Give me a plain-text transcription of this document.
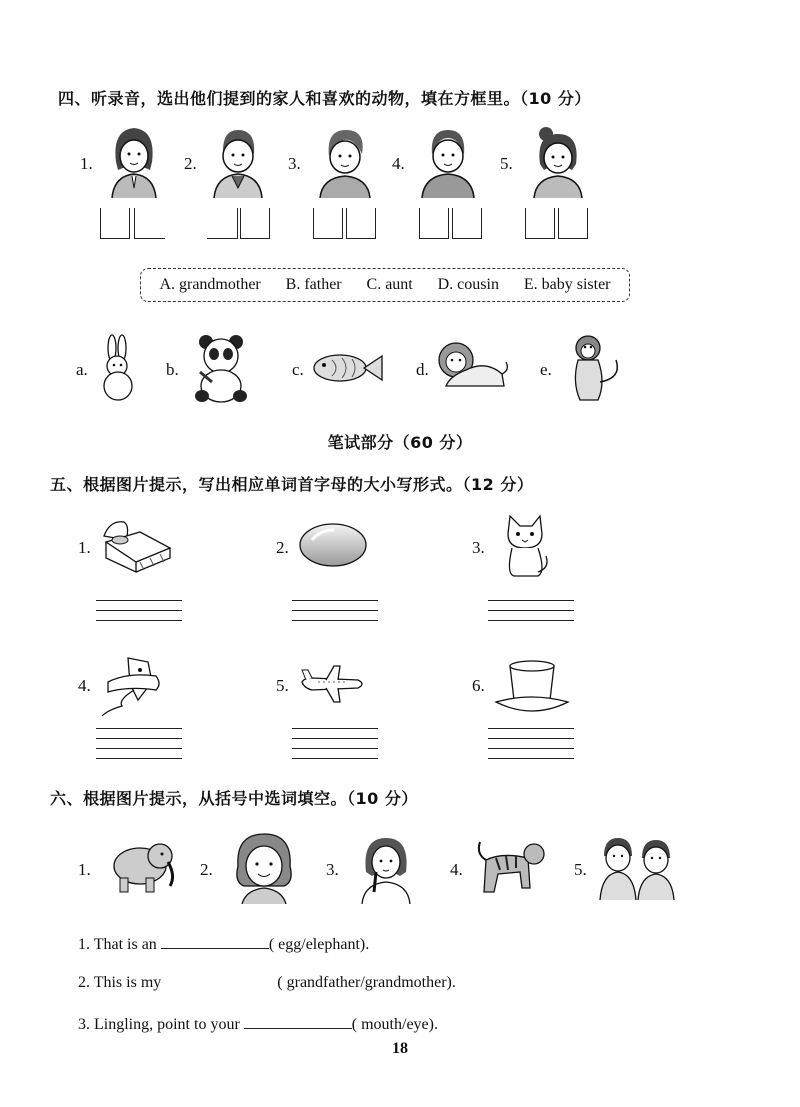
四、听录音，选出他们提到的家人和喜欢的动物，填在方框里。（10 分）
1.	2.	3.	4.	5.
A. grandmother B. father C. aunt D. cousin E. baby sister
a.	b.	c.	d.	e.
笔试部分（60 分）
五、根据图片提示，写出相应单词首字母的大小写形式。（12 分）
1.	2.	3.
4.	5.	6.
六、根据图片提示，从括号中选词填空。（10 分）
1.	2.	3.	4.	5.
1. That is an	( egg/elephant).
2. This is my	( grandfather/grandmother).
3. Lingling, point to your	( mouth/eye).
18
